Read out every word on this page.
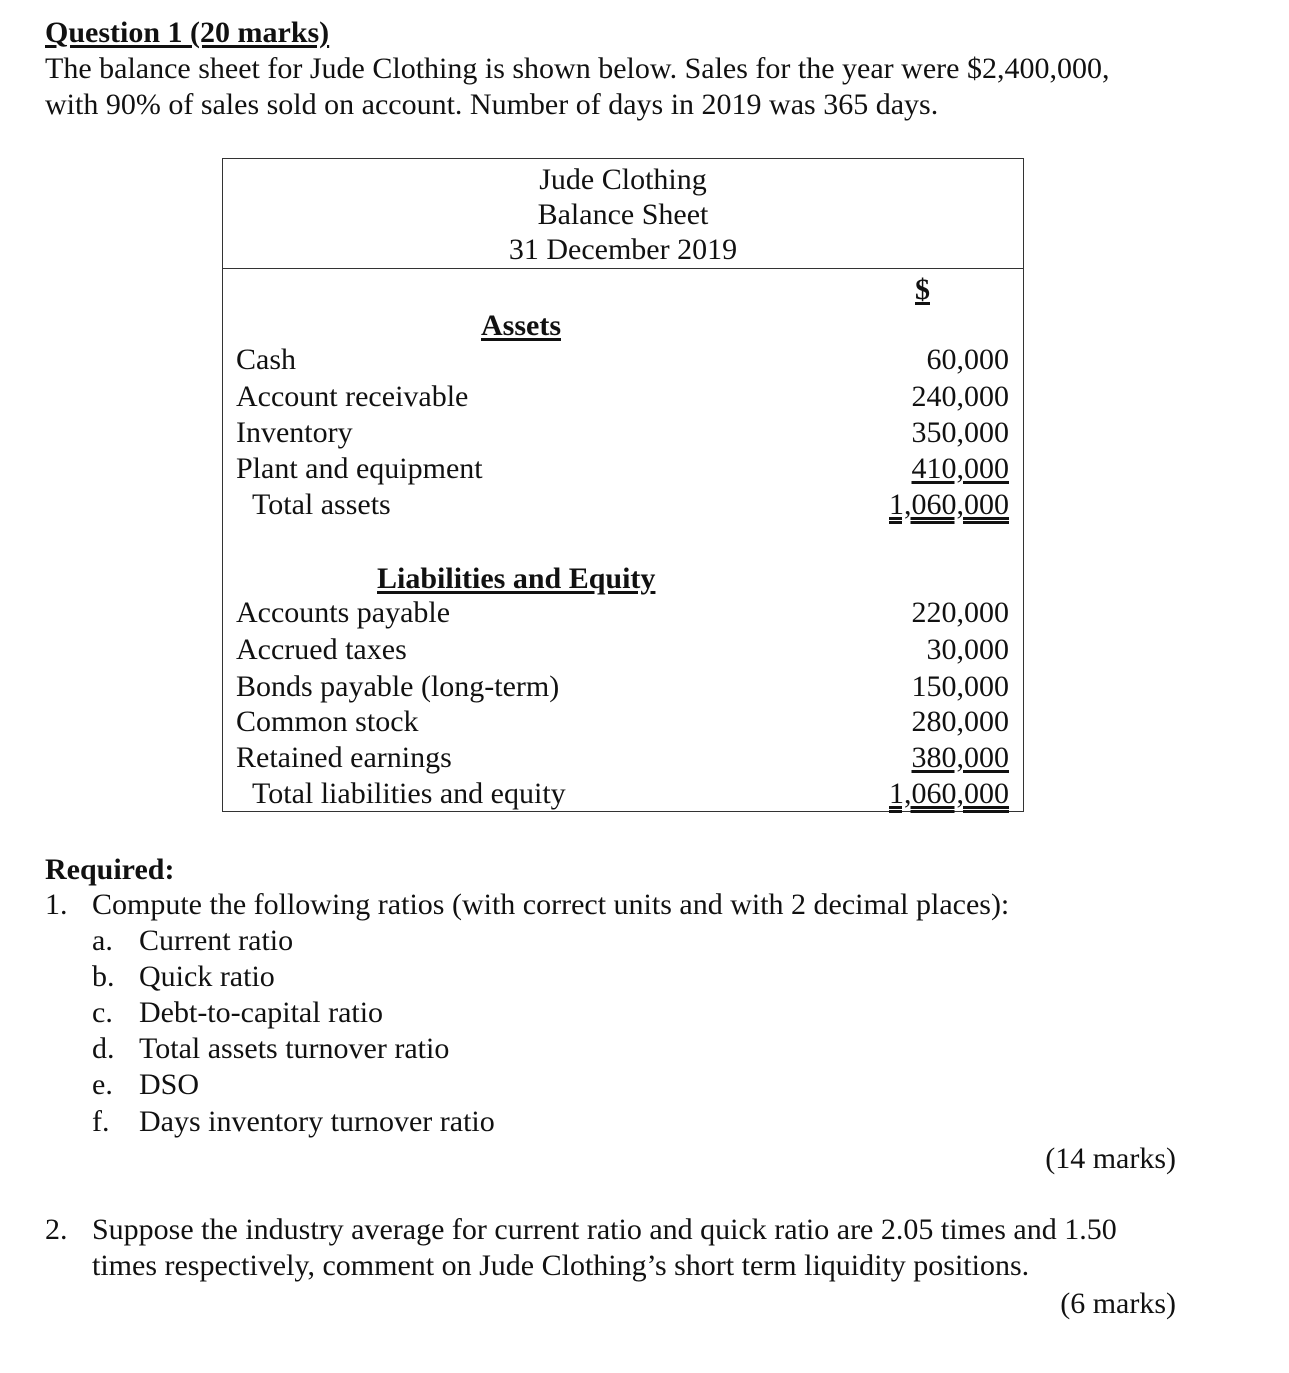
Question 1 (20 marks)
The balance sheet for Jude Clothing is shown below. Sales for the year were $2,400,000,
with 90% of sales sold on account. Number of days in 2019 was 365 days.
Jude Clothing
Balance Sheet
31 December 2019
$
Assets
Cash	60,000
Account receivable	240,000
Inventory	350,000
Plant and equipment	410,000
Total assets	1,060,000
Liabilities and Equity
Accounts payable	220,000
Accrued taxes	30,000
Bonds payable (long-term)	150,000
Common stock	280,000
Retained earnings	380,000
Total liabilities and equity	1,060,000
Required:
1. Compute the following ratios (with correct units and with 2 decimal places):
a. Current ratio
b. Quick ratio
c. Debt-to-capital ratio
d. Total assets turnover ratio
e. DSO
f. Days inventory turnover ratio
(14 marks)
2. Suppose the industry average for current ratio and quick ratio are 2.05 times and 1.50
times respectively, comment on Jude Clothing’s short term liquidity positions.
(6 marks)
